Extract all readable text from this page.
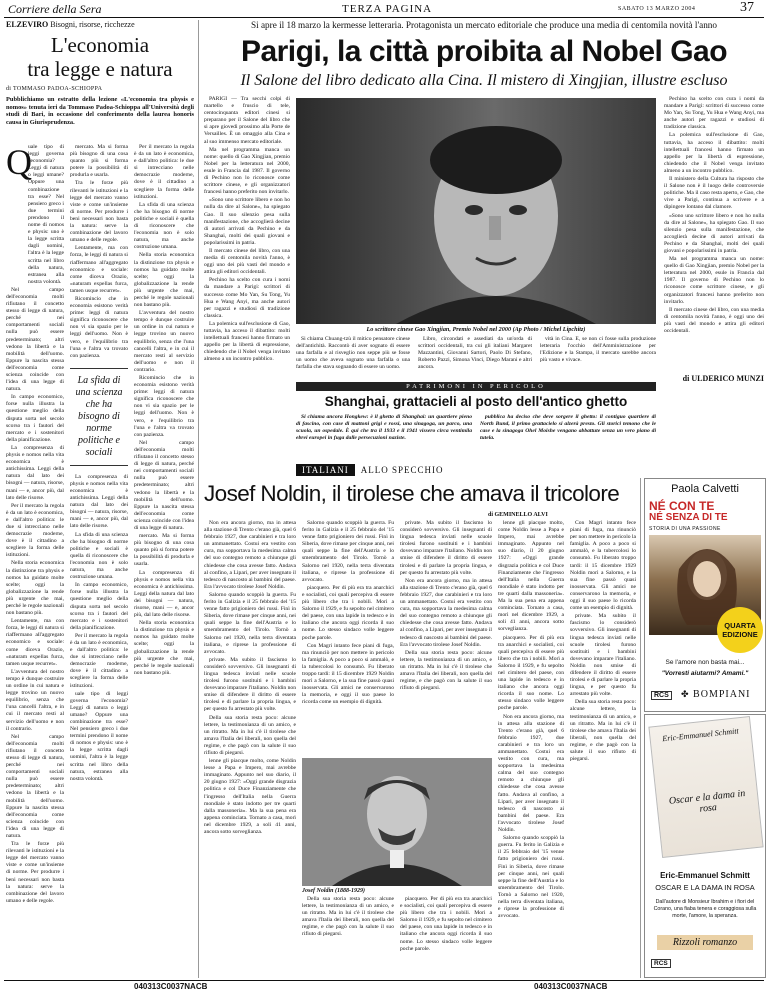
Corriere della Sera	TERZA PAGINA	SABATO 13 MARZO 2004	37
ELZEVIRO Bisogni, risorse, ricchezze
L'economia
tra legge e natura
di TOMMASO PADOA-SCHIOPPA
Pubblichiamo un estratto della lezione «L'economia tra physis e nomos» tenuta ieri da Tommaso Padoa-Schioppa all'Università degli studi di Bari, in occasione del conferimento della laurea honoris causa in Giurisprudenza.
Q

uale tipo di leggi governa l'economia? Leggi di natura o leggi umane? Oppure una combinazione tra esse? Nel pensiero greco i due termini prendono il nome di nomos e physis: uno è la legge scritta dagli uomini, l'altra è la legge scritta nel libro della natura, estranea alla nostra volontà.

Nel campo dell'economia molti rifiutano il concetto stesso di legge di natura, perché nei comportamenti sociali nulla può essere predeterminato; altri vedono la libertà e la mobilità dell'uomo. Eppure la nascita stessa dell'economia come scienza coincide con l'idea di una legge di natura.

In campo economico, forse nulla illustra la questione meglio della disputa sorta nel secolo scorso tra i fautori del mercato e i sostenitori della pianificazione.

La compresenza di physis e nomos nella vita economica è antichissima. Leggi della natura dal lato dei bisogni — natura, risorse, mani — e, ancor più, dal lato delle risorse.

Per il mercato la regola è da un lato è economica, e dall'altro politica: le due si intrecciano nelle democrazie moderne, dove è il cittadino a scegliere la forma delle istituzioni.

Nella storia economica la distinzione tra physis e nomos ha guidato molte scelte; oggi la globalizzazione la rende più urgente che mai, perché le regole nazionali non bastano più.

Lentamente, ma con forza, le leggi di natura si riaffermano all'aggregato economico e sociale: come diceva Orazio, «naturam expellas furca, tamen usque recurret».

L'avventura del nostro tempo è dunque costruire un ordine in cui natura e legge trovino un nuovo equilibrio, senza che l'una cancelli l'altra, e in cui il mercato resti al servizio dell'uomo e non il contrario.

Nel campo dell'economia molti rifiutano il concetto stesso di legge di natura, perché nei comportamenti sociali nulla può essere predeterminato; altri vedono la libertà e la mobilità dell'uomo. Eppure la nascita stessa dell'economia come scienza coincide con l'idea di una legge di natura.

Tra le forze più rilevanti le istituzioni e la legge del mercato vanno viste e come un'insieme di norme. Per produrre i beni necessari non basta la natura: serve la combinazione del lavoro umano e delle regole.

mercato. Ma si forma più bisogno di una cosa quanto più si forma potere la possibilità di produrla e usarla.

Tra le forze più rilevanti le istituzioni e la legge del mercato vanno viste e come un'insieme di norme. Per produrre i beni necessari non basta la natura: serve la combinazione del lavoro umano e delle regole.

Lentamente, ma con forza, le leggi di natura si riaffermano all'aggregato economico e sociale: come diceva Orazio, «naturam expellas furca, tamen usque recurret».

Ricomincio che in economia esistono verità prime: leggi di natura significa riconoscere che non vi sia spazio per le leggi dell'uomo. Non è vero, e l'equilibrio tra l'una e l'altra va trovato con pazienza.

La sfida di una scienza che ha bisogno di norme politiche e sociali

La compresenza di physis e nomos nella vita economica è antichissima. Leggi della natura dal lato dei bisogni — natura, risorse, mani — e, ancor più, dal lato delle risorse.

La sfida di una scienza che ha bisogno di norme politiche e sociali è quella di riconoscere che l'economia non è solo natura, ma anche costruzione umana.

In campo economico, forse nulla illustra la questione meglio della disputa sorta nel secolo scorso tra i fautori del mercato e i sostenitori della pianificazione.

Per il mercato la regola è da un lato è economica, e dall'altro politica: le due si intrecciano nelle democrazie moderne, dove è il cittadino a scegliere la forma delle istituzioni.

uale tipo di leggi governa l'economia? Leggi di natura o leggi umane? Oppure una combinazione tra esse? Nel pensiero greco i due termini prendono il nome di nomos e physis: uno è la legge scritta dagli uomini, l'altra è la legge scritta nel libro della natura, estranea alla nostra volontà.

Per il mercato la regola è da un lato è economica, e dall'altro politica: le due si intrecciano nelle democrazie moderne, dove è il cittadino a scegliere la forma delle istituzioni.

La sfida di una scienza che ha bisogno di norme politiche e sociali è quella di riconoscere che l'economia non è solo natura, ma anche costruzione umana.

Nella storia economica la distinzione tra physis e nomos ha guidato molte scelte; oggi la globalizzazione la rende più urgente che mai, perché le regole nazionali non bastano più.

L'avventura del nostro tempo è dunque costruire un ordine in cui natura e legge trovino un nuovo equilibrio, senza che l'una cancelli l'altra, e in cui il mercato resti al servizio dell'uomo e non il contrario.

Ricomincio che in economia esistono verità prime: leggi di natura significa riconoscere che non vi sia spazio per le leggi dell'uomo. Non è vero, e l'equilibrio tra l'una e l'altra va trovato con pazienza.

Nel campo dell'economia molti rifiutano il concetto stesso di legge di natura, perché nei comportamenti sociali nulla può essere predeterminato; altri vedono la libertà e la mobilità dell'uomo. Eppure la nascita stessa dell'economia come scienza coincide con l'idea di una legge di natura.

mercato. Ma si forma più bisogno di una cosa quanto più si forma potere la possibilità di produrla e usarla.

La compresenza di physis e nomos nella vita economica è antichissima. Leggi della natura dal lato dei bisogni — natura, risorse, mani — e, ancor più, dal lato delle risorse.

Nella storia economica la distinzione tra physis e nomos ha guidato molte scelte; oggi la globalizzazione la rende più urgente che mai, perché le regole nazionali non bastano più.

Si apre il 18 marzo la kermesse letteraria. Protagonista un mercato editoriale che produce una media di centomila novità l'anno
Parigi, la città proibita al Nobel Gao
Il Salone del libro dedicato alla Cina. Il mistero di Xingjian, illustre escluso

PARIGI — Tra secchi colpi di martello e fruscio di tele, centocinquanta editori cinesi si preparano per il Salone del libro che si apre giovedì prossimo alla Porte de Versailles. È un omaggio alla Cina e al suo immenso mercato editoriale.

Ma nel programma manca un nome: quello di Gao Xingjian, premio Nobel per la letteratura nel 2000, esule in Francia dal 1987. Il governo di Pechino non lo riconosce come scrittore cinese, e gli organizzatori francesi hanno preferito non invitarlo.

«Sono uno scrittore libero e non ho nulla da dire al Salone», ha spiegato Gao. Il suo silenzio pesa sulla manifestazione, che accoglierà decine di autori arrivati da Pechino e da Shanghai, molti dei quali giovani e popolarissimi in patria.

Il mercato cinese del libro, con una media di centomila novità l'anno, è oggi uno dei più vasti del mondo e attira gli editori occidentali.

Pechino ha scelto con cura i nomi da mandare a Parigi: scrittori di successo come Mo Yan, Su Tong, Yu Hua e Wang Anyi, ma anche autori per ragazzi e studiosi di tradizione classica.

La polemica sull'esclusione di Gao, tuttavia, ha acceso il dibattito: molti intellettuali francesi hanno firmato un appello per la libertà di espressione, chiedendo che il Nobel venga invitato almeno a un incontro pubblico.

Lo scrittore cinese Gao Xingjian, Premio Nobel nel 2000 (Ap Photo / Michel Lipchitz)

Si chiama Chuang-tzù il mitico pensatore cinese dell'antichità. Raccontò di aver sognato di essere una farfalla e al risveglio non seppe più se fosse un uomo che aveva sognato una farfalla o una farfalla che stava sognando di essere un uomo.

Libro, circondati e assediati da un'orda di scrittori occidentali, tra cui gli italiani Margaret Mazzantini, Giovanni Sartori, Paolo Di Stefano, Roberto Pazzi, Simona Vinci, Diego Marani e altri ancora.

vità in Cina. E, se non ci fosse sulla produzione letteraria l'occhio dell'Amministrazione per l'Edizione e la Stampa, il mercato sarebbe ancora più vasto e vivace.

Pechino ha scelto con cura i nomi da mandare a Parigi: scrittori di successo come Mo Yan, Su Tong, Yu Hua e Wang Anyi, ma anche autori per ragazzi e studiosi di tradizione classica.

La polemica sull'esclusione di Gao, tuttavia, ha acceso il dibattito: molti intellettuali francesi hanno firmato un appello per la libertà di espressione, chiedendo che il Nobel venga invitato almeno a un incontro pubblico.

Il ministero della Cultura ha risposto che il Salone non è il luogo delle controversie politiche. Ma il caso resta aperto, e Gao, che vive a Parigi, continua a scrivere e a dipingere lontano dal clamore.

«Sono uno scrittore libero e non ho nulla da dire al Salone», ha spiegato Gao. Il suo silenzio pesa sulla manifestazione, che accoglierà decine di autori arrivati da Pechino e da Shanghai, molti dei quali giovani e popolarissimi in patria.

Ma nel programma manca un nome: quello di Gao Xingjian, premio Nobel per la letteratura nel 2000, esule in Francia dal 1987. Il governo di Pechino non lo riconosce come scrittore cinese, e gli organizzatori francesi hanno preferito non invitarlo.

Il mercato cinese del libro, con una media di centomila novità l'anno, è oggi uno dei più vasti del mondo e attira gli editori occidentali.

di ULDERICO MUNZI
PATRIMONI IN PERICOLO
Shanghai, grattacieli al posto dell'antico ghetto

Si chiama ancora Hongkew: è il ghetto di Shanghai: un quartiere pieno di fascino, con case di mattoni grigi e rossi, una sinagoga, un parco, una scuola, un ospedale. È qui che tra il 1933 e il 1941 vissero circa ventimila ebrei europei in fuga dalle persecuzioni naziste.

pubblica ha deciso che deve sorgere il ghetto: il contiguo quartiere di North Bund, il primo grattacielo si alzerà presto. Gli storici temono che le case e la sinagoga Ohel Moishe vengano abbattute senza un vero piano di tutela.

ITALIANI	ALLO SPECCHIO
Josef Noldin, il tirolese che amava il tricolore
di GEMINELLO ALVI

Non era ancora giorno, ma in attesa alla stazione di Trento c'erano già, quel 6 febbraio 1927, due carabinieri e tra loro un ammanettato. Costui era vestito con cura, ma sopportava la medesima calma del suo contegno remoto a chiunque gli chiedesse che cosa avesse fatto. Andava al confino, a Lipari, per aver insegnato il tedesco di nascosto ai bambini del paese. Era l'avvocato tirolese Josef Noldin.

Salorno quando scoppiò la guerra. Fu ferito in Galizia e il 25 febbraio del '15 venne fatto prigioniero dei russi. Finì in Siberia, dove rimase per cinque anni, nei quali seppe la fine dell'Austria e lo smembramento del Tirolo. Tornò a Salorno nel 1920, nella terra diventata italiana, e riprese la professione di avvocato.

private. Ma subito il fascismo lo considerò sovversivo. Gli insegnanti di lingua tedesca inviati nelle scuole tirolesi furono sostituiti e i bambini dovevano imparare l'italiano. Noldin non smise di difendere il diritto di essere tirolesi e di parlare la propria lingua, e per questo fu arrestato più volte.

Della sua storia resta poco: alcune lettere, la testimonianza di un amico, e un ritratto. Ma in lui c'è il tirolese che amava l'Italia dei liberali, non quella del regime, e che pagò con la salute il suo rifiuto di piegarsi.

lenne gli piacque molto, come Noldin lesse a Papa e Impero, mai avrebbe immaginato. Appunto nel suo diario, il 20 giugno 1927: «Oggi grande disgrazia politica e col Duce Finanziamente che l'ingresso dell'Italia nella Guerra mondiale è stato indotto per tre quarti dalla massoneria». Ma la sua pena era appena cominciata. Tornato a casa, morì nel dicembre 1929, a soli 41 anni, ancora sotto sorveglianza.

Salorno quando scoppiò la guerra. Fu ferito in Galizia e il 25 febbraio del '15 venne fatto prigioniero dei russi. Finì in Siberia, dove rimase per cinque anni, nei quali seppe la fine dell'Austria e lo smembramento del Tirolo. Tornò a Salorno nel 1920, nella terra diventata italiana, e riprese la professione di avvocato.

piacquero. Per di più era tra anarchici e socialisti, coi quali percepiva di essere più libero che tra i nobili. Morì a Salorno il 1929, e fu sepolto nel cimitero del paese, con una lapide in tedesco e in italiano che ancora oggi ricorda il suo nome. Lo stesso sindaco volle leggere poche parole.

Con Magri intanto fece piani di fuga, ma rinunciò per non mettere in pericolo la famiglia. A poco a poco si ammalò, e la tubercolosi lo consumò. Fu liberato troppo tardi: il 15 dicembre 1929 Noldin morì a Salorno, e la sua fine passò quasi inosservata. Gli amici ne conservarono la memoria, e oggi il suo paese lo ricorda come un esempio di dignità.

private. Ma subito il fascismo lo considerò sovversivo. Gli insegnanti di lingua tedesca inviati nelle scuole tirolesi furono sostituiti e i bambini dovevano imparare l'italiano. Noldin non smise di difendere il diritto di essere tirolesi e di parlare la propria lingua, e per questo fu arrestato più volte.

Non era ancora giorno, ma in attesa alla stazione di Trento c'erano già, quel 6 febbraio 1927, due carabinieri e tra loro un ammanettato. Costui era vestito con cura, ma sopportava la medesima calma del suo contegno remoto a chiunque gli chiedesse che cosa avesse fatto. Andava al confino, a Lipari, per aver insegnato il tedesco di nascosto ai bambini del paese. Era l'avvocato tirolese Josef Noldin.

Della sua storia resta poco: alcune lettere, la testimonianza di un amico, e un ritratto. Ma in lui c'è il tirolese che amava l'Italia dei liberali, non quella del regime, e che pagò con la salute il suo rifiuto di piegarsi.

Josef Noldin (1888-1929)

Della sua storia resta poco: alcune lettere, la testimonianza di un amico, e un ritratto. Ma in lui c'è il tirolese che amava l'Italia dei liberali, non quella del regime, e che pagò con la salute il suo rifiuto di piegarsi.

piacquero. Per di più era tra anarchici e socialisti, coi quali percepiva di essere più libero che tra i nobili. Morì a Salorno il 1929, e fu sepolto nel cimitero del paese, con una lapide in tedesco e in italiano che ancora oggi ricorda il suo nome. Lo stesso sindaco volle leggere poche parole.

lenne gli piacque molto, come Noldin lesse a Papa e Impero, mai avrebbe immaginato. Appunto nel suo diario, il 20 giugno 1927: «Oggi grande disgrazia politica e col Duce Finanziamente che l'ingresso dell'Italia nella Guerra mondiale è stato indotto per tre quarti dalla massoneria». Ma la sua pena era appena cominciata. Tornato a casa, morì nel dicembre 1929, a soli 41 anni, ancora sotto sorveglianza.

piacquero. Per di più era tra anarchici e socialisti, coi quali percepiva di essere più libero che tra i nobili. Morì a Salorno il 1929, e fu sepolto nel cimitero del paese, con una lapide in tedesco e in italiano che ancora oggi ricorda il suo nome. Lo stesso sindaco volle leggere poche parole.

Non era ancora giorno, ma in attesa alla stazione di Trento c'erano già, quel 6 febbraio 1927, due carabinieri e tra loro un ammanettato. Costui era vestito con cura, ma sopportava la medesima calma del suo contegno remoto a chiunque gli chiedesse che cosa avesse fatto. Andava al confino, a Lipari, per aver insegnato il tedesco di nascosto ai bambini del paese. Era l'avvocato tirolese Josef Noldin.

Salorno quando scoppiò la guerra. Fu ferito in Galizia e il 25 febbraio del '15 venne fatto prigioniero dei russi. Finì in Siberia, dove rimase per cinque anni, nei quali seppe la fine dell'Austria e lo smembramento del Tirolo. Tornò a Salorno nel 1920, nella terra diventata italiana, e riprese la professione di avvocato.

Con Magri intanto fece piani di fuga, ma rinunciò per non mettere in pericolo la famiglia. A poco a poco si ammalò, e la tubercolosi lo consumò. Fu liberato troppo tardi: il 15 dicembre 1929 Noldin morì a Salorno, e la sua fine passò quasi inosservata. Gli amici ne conservarono la memoria, e oggi il suo paese lo ricorda come un esempio di dignità.

private. Ma subito il fascismo lo considerò sovversivo. Gli insegnanti di lingua tedesca inviati nelle scuole tirolesi furono sostituiti e i bambini dovevano imparare l'italiano. Noldin non smise di difendere il diritto di essere tirolesi e di parlare la propria lingua, e per questo fu arrestato più volte.

Della sua storia resta poco: alcune lettere, la testimonianza di un amico, e un ritratto. Ma in lui c'è il tirolese che amava l'Italia dei liberali, non quella del regime, e che pagò con la salute il suo rifiuto di piegarsi.

Paola Calvetti
NÉ CON TE
NÉ SENZA DI TE
STORIA DI UNA PASSIONE
QUARTA
EDIZIONE
Se l'amore non basta mai...
"Vorresti aiutarmi? Amami."
RCS	✤ BOMPIANI
Eric-Emmanuel Schmitt
Oscar e la dama in rosa
Eric-Emmanuel Schmitt
OSCAR E LA DAMA IN ROSA
Dall'autore di Monsieur Ibrahim e i fiori del Corano, una fiaba tenera e coraggiosa sulla morte, l'amore, la speranza.
Rizzoli romanzo
RCS
040313C0037NACB	040313C0037NACB
